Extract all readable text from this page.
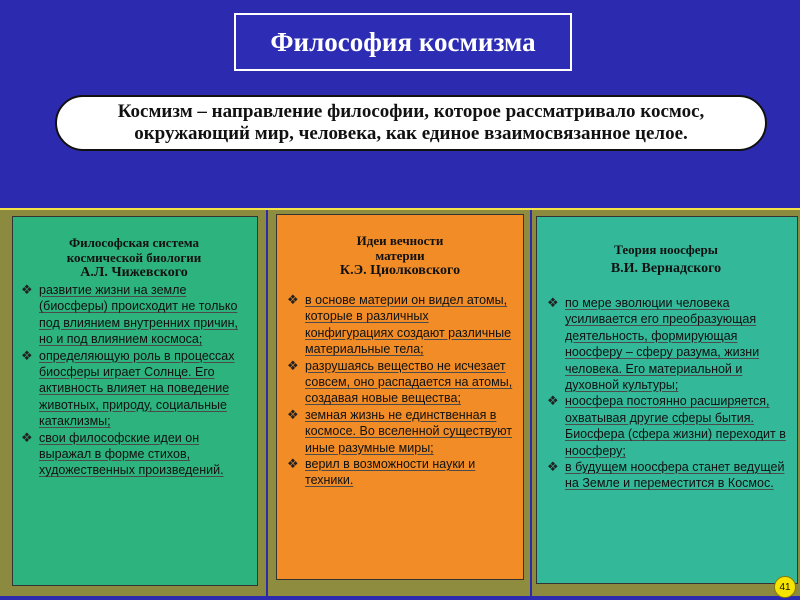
Философия космизма
Космизм – направление философии, которое рассматривало космос, окружающий мир, человека, как единое взаимосвязанное целое.
Философская система
космической биологии
А.Л. Чижевского
❖ развитие жизни на земле (биосферы) происходит не только под влиянием внутренних причин, но и под влиянием космоса;
❖ определяющую роль в процессах биосферы играет Солнце. Его активность влияет на поведение животных, природу, социальные катаклизмы;
❖ свои философские идеи он выражал в форме стихов, художественных произведений.
Идеи вечности
материи
К.Э. Циолковского
❖ в основе материи он видел атомы, которые в различных конфигурациях создают различные материальные тела;
❖ разрушаясь вещество не исчезает совсем, оно распадается на атомы, создавая новые вещества;
❖ земная жизнь не единственная в космосе. Во вселенной существуют иные разумные миры;
❖ верил в возможности науки и техники.
Теория ноосферы
В.И. Вернадского
❖ по мере эволюции человека усиливается его преобразующая деятельность, формирующая ноосферу – сферу разума, жизни человека. Его материальной и духовной культуры;
❖ ноосфера постоянно расширяется, охватывая другие сферы бытия. Биосфера (сфера жизни) переходит в ноосферу;
❖ в будущем ноосфера станет ведущей на Земле и переместится в Космос.
41
